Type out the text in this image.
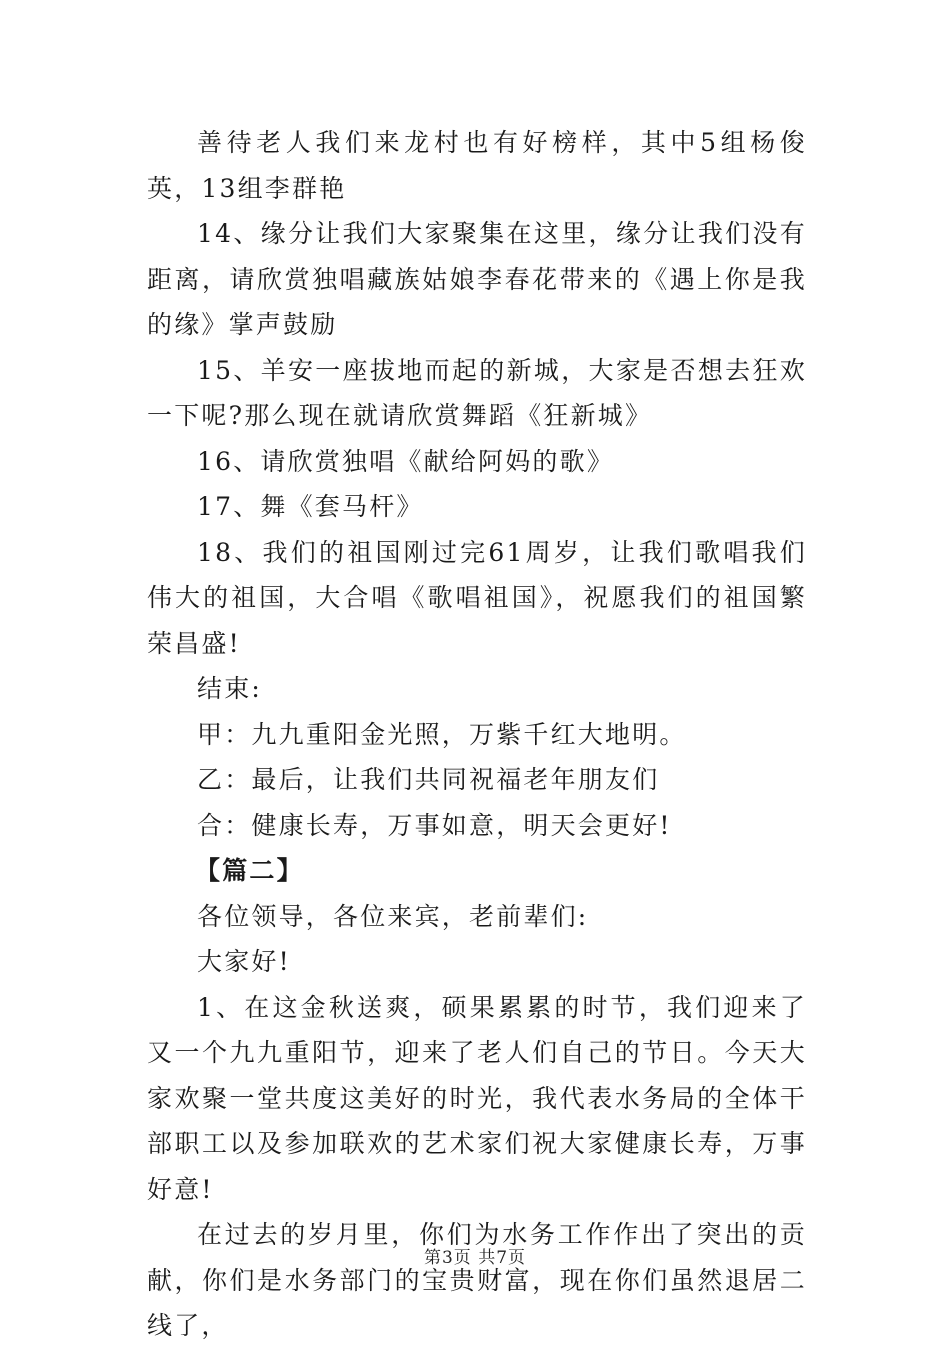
善待老人我们来龙村也有好榜样，其中5组杨俊英，13组李群艳

14、缘分让我们大家聚集在这里，缘分让我们没有距离，请欣赏独唱藏族姑娘李春花带来的《遇上你是我的缘》掌声鼓励

15、羊安一座拔地而起的新城，大家是否想去狂欢一下呢?那么现在就请欣赏舞蹈《狂新城》

16、请欣赏独唱《献给阿妈的歌》

17、舞《套马杆》

18、我们的祖国刚过完61周岁，让我们歌唱我们伟大的祖国，大合唱《歌唱祖国》，祝愿我们的祖国繁荣昌盛!

结束:

甲：九九重阳金光照，万紫千红大地明。

乙：最后，让我们共同祝福老年朋友们

合：健康长寿，万事如意，明天会更好!

【篇二】

各位领导，各位来宾，老前辈们:

大家好!

1、在这金秋送爽，硕果累累的时节，我们迎来了又一个九九重阳节，迎来了老人们自己的节日。今天大家欢聚一堂共度这美好的时光，我代表水务局的全体干部职工以及参加联欢的艺术家们祝大家健康长寿，万事好意!

在过去的岁月里，你们为水务工作作出了突出的贡献，你们是水务部门的宝贵财富，现在你们虽然退居二线了，

第3页 共7页
